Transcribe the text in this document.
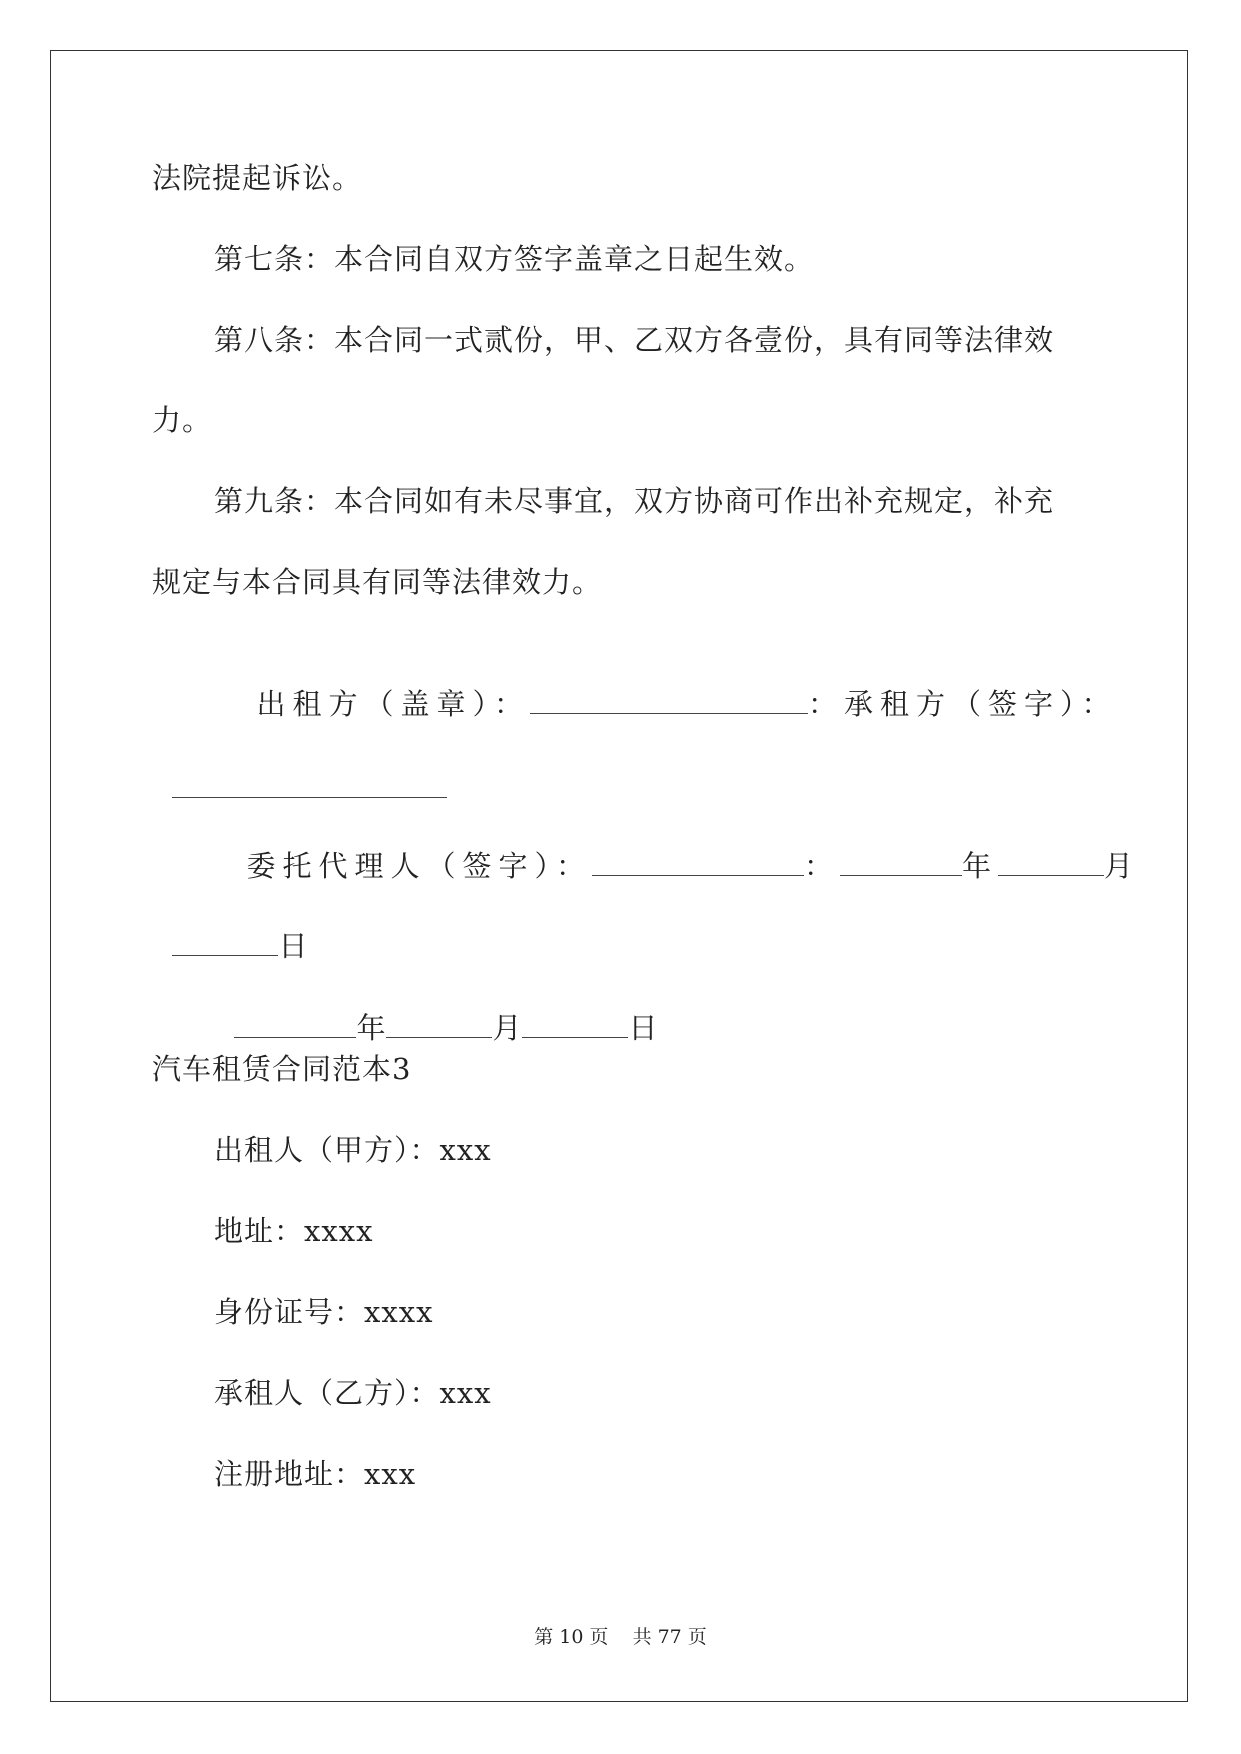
法院提起诉讼。
第七条：本合同自双方签字盖章之日起生效。
第八条：本合同一式贰份，甲、乙双方各壹份，具有同等法律效
力。
第九条：本合同如有未尽事宜，双方协商可作出补充规定，补充
规定与本合同具有同等法律效力。

出租方（盖章）：	：承租方（签字）：

委托代理人（签字）：	：	年	月

日

年	月	日

汽车租赁合同范本3
出租人（甲方）：xxx
地址：xxxx
身份证号：xxxx
承租人（乙方）：xxx
注册地址：xxx
第 10 页 共 77 页
